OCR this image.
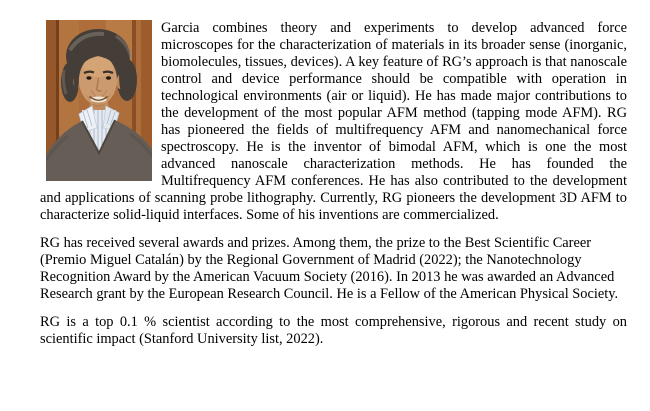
Garcia combines theory and experiments to develop advanced force microscopes for the characterization of materials in its broader sense (inorganic, biomolecules, tissues, devices). A key feature of RG’s approach is that nanoscale control and device performance should be compatible with operation in technological environments (air or liquid). He has made major contributions to the development of the most popular AFM method (tapping mode AFM). RG has pioneered the fields of multifrequency AFM and nanomechanical force spectroscopy. He is the inventor of bimodal AFM, which is one the most advanced nanoscale characterization methods. He has founded the Multifrequency AFM conferences. He has also contributed to the development and applications of scanning probe lithography. Currently, RG pioneers the development 3D AFM to characterize solid-liquid interfaces. Some of his inventions are commercialized.

RG has received several awards and prizes. Among them, the prize to the Best Scientific Career (Premio Miguel Catalán) by the Regional Government of Madrid (2022); the Nanotechnology Recognition Award by the American Vacuum Society (2016). In 2013 he was awarded an Advanced Research grant by the European Research Council. He is a Fellow of the American Physical Society.

RG is a top 0.1 % scientist according to the most comprehensive, rigorous and recent study on scientific impact (Stanford University list, 2022).
